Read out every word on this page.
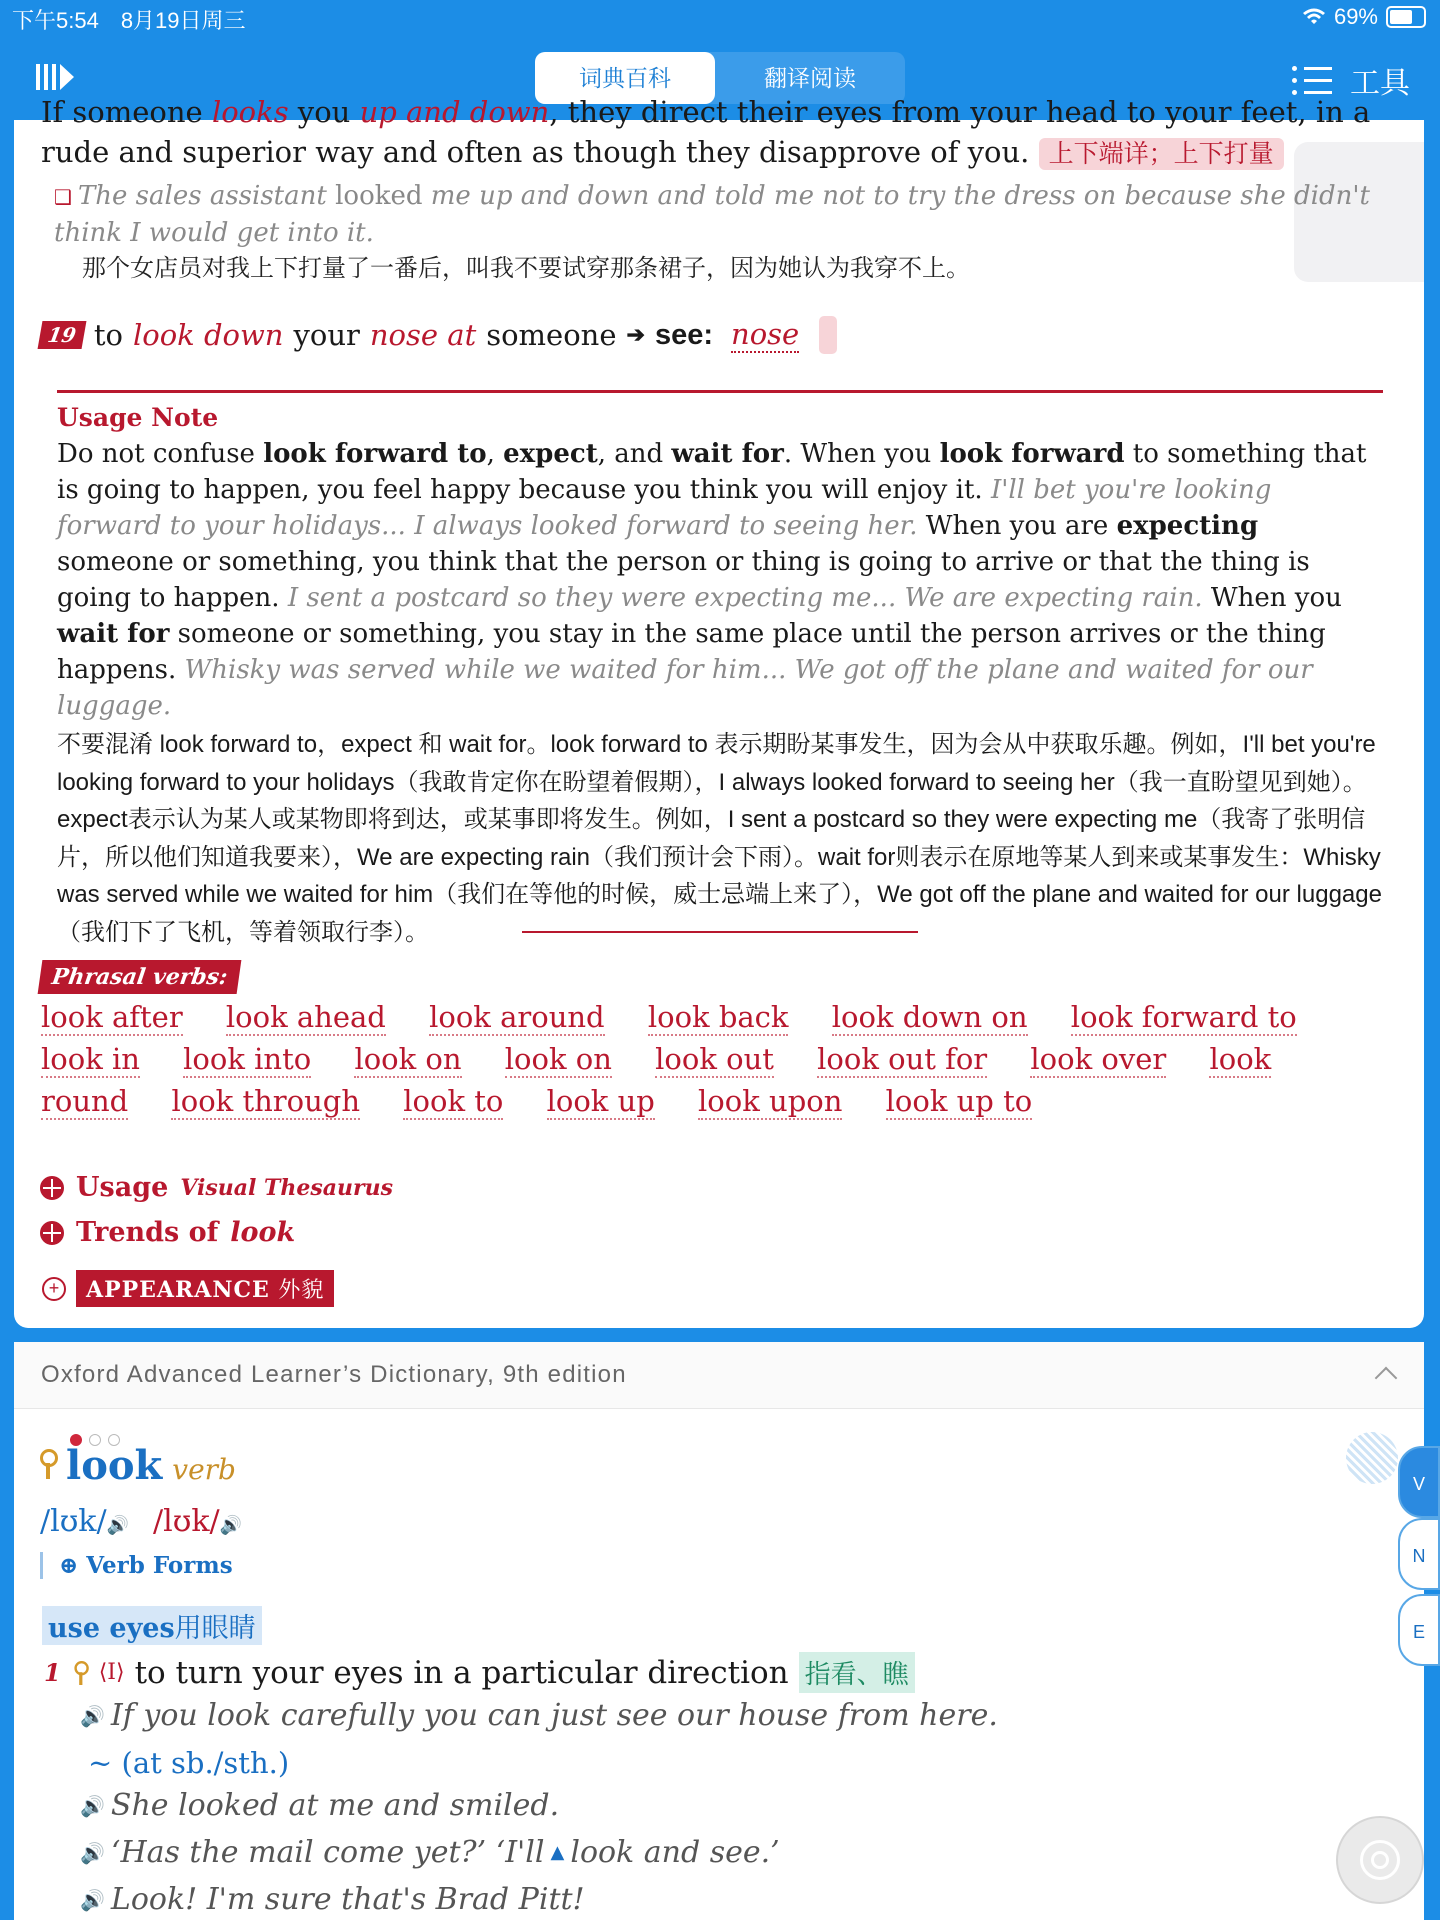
下午5:54　8月19日周三	69%
词典百科	翻译阅读	工具
If someone looks you up and down, they direct their eyes from your head to your feet, in a rude and superior way and often as though they disapprove of you. 上下端详；上下打量
❑ The sales assistant looked me up and down and told me not to try the dress on because she didn't think I would get into it.
那个女店员对我上下打量了一番后，叫我不要试穿那条裙子，因为她认为我穿不上。
19 to look down your nose at someone ➔ see: nose
Usage Note
Do not confuse look forward to, expect, and wait for. When you look forward to something that is going to happen, you feel happy because you think you will enjoy it. I'll bet you're looking forward to your holidays... I always looked forward to seeing her. When you are expecting someone or something, you think that the person or thing is going to arrive or that the thing is going to happen. I sent a postcard so they were expecting me... We are expecting rain. When you wait for someone or something, you stay in the same place until the person arrives or the thing happens. Whisky was served while we waited for him... We got off the plane and waited for our luggage.
不要混淆 look forward to，expect 和 wait for。look forward to 表示期盼某事发生，因为会从中获取乐趣。例如，I'll bet you're looking forward to your holidays（我敢肯定你在盼望着假期），I always looked forward to seeing her（我一直盼望见到她）。expect表示认为某人或某物即将到达，或某事即将发生。例如，I sent a postcard so they were expecting me（我寄了张明信片，所以他们知道我要来），We are expecting rain（我们预计会下雨）。wait for则表示在原地等某人到来或某事发生：Whisky was served while we waited for him（我们在等他的时候，威士忌端上来了），We got off the plane and waited for our luggage（我们下了飞机，等着领取行李）。
Phrasal verbs:
look after look ahead look around look back look down on look forward to look in look into look on look on look out look out for look over look round look through look to look up look upon look up to
Usage Visual Thesaurus
Trends of look
+	APPEARANCE 外貌
Oxford Advanced Learner’s Dictionary, 9th edition
look verb
/lʊk/🔊 /lʊk/🔊
⊕ Verb Forms
use eyes用眼睛
1 ⟨I⟩ to turn your eyes in a particular direction 指看、瞧
🔊 If you look carefully you can just see our house from here.
~ (at sb./sth.)
🔊 She looked at me and smiled.
🔊 ‘Has the mail come yet?’ ‘I'll ▲ look and see.’
🔊 Look! I'm sure that's Brad Pitt!
V
N
E
